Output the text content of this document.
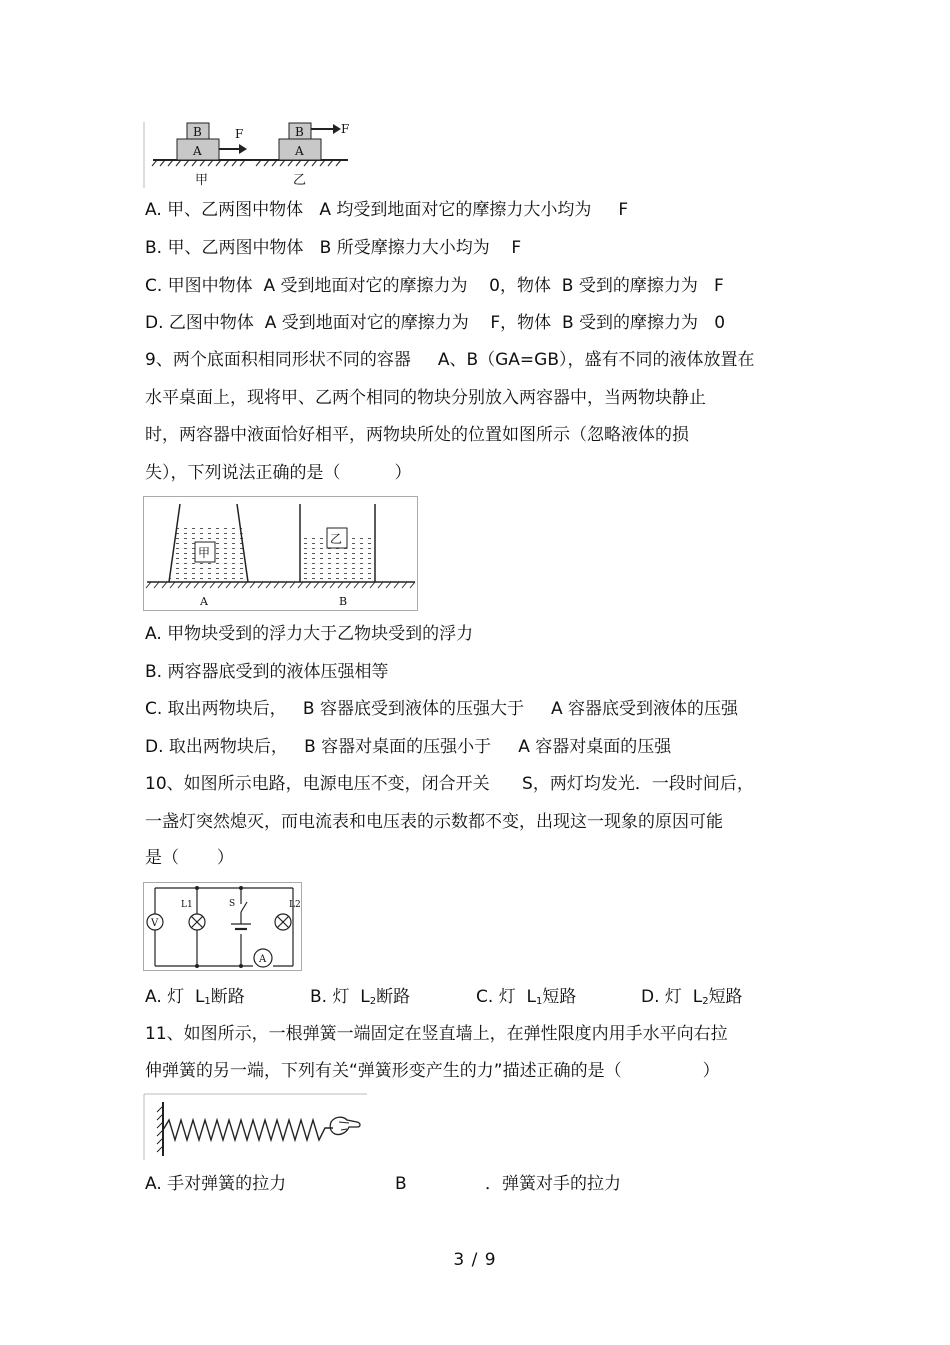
B
A
F	B
A
F
甲	乙
A. 甲、乙两图中物体   A 均受到地面对它的摩擦力大小均为     F
B. 甲、乙两图中物体   B 所受摩擦力大小均为    F
C. 甲图中物体  A 受到地面对它的摩擦力为    0，物体  B 受到的摩擦力为   F
D. 乙图中物体  A 受到地面对它的摩擦力为    F，物体  B 受到的摩擦力为   0
9、两个底面积相同形状不同的容器     A、B（GA=GB），盛有不同的液体放置在
水平桌面上，现将甲、乙两个相同的物块分别放入两容器中，当两物块静止
时，两容器中液面恰好相平，两物块所处的位置如图所示（忽略液体的损
失），下列说法正确的是（          ）
甲
乙
A	B
A. 甲物块受到的浮力大于乙物块受到的浮力
B. 两容器底受到的液体压强相等
C. 取出两物块后，   B 容器底受到液体的压强大于     A 容器底受到液体的压强
D. 取出两物块后，   B 容器对桌面的压强小于     A 容器对桌面的压强
10、如图所示电路，电源电压不变，闭合开关      S，两灯均发光．一段时间后，
一盏灯突然熄灭，而电流表和电压表的示数都不变，出现这一现象的原因可能
是（       ）
V
L1	S	L2
A
A. 灯  $L_1$断路	B. 灯  $L_2$断路	C. 灯  $L_1$短路	D. 灯  $L_2$短路
11、如图所示，一根弹簧一端固定在竖直墙上，在弹性限度内用手水平向右拉
伸弹簧的另一端，下列有关“弹簧形变产生的力”描述正确的是（               ）
A. 手对弹簧的拉力	B	．弹簧对手的拉力
3 / 9
